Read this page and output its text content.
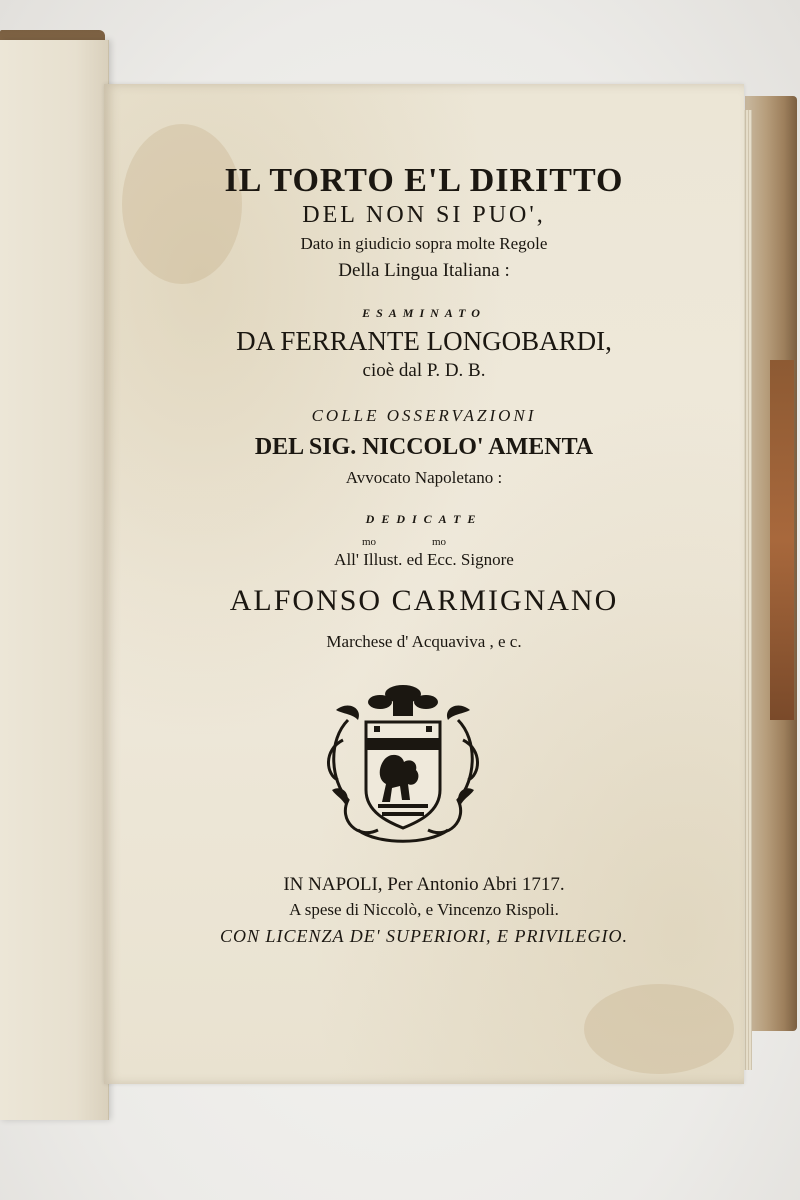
IL TORTO E'L DIRITTO
DEL NON SI PUO',
Dato in giudicio sopra molte Regole
Della Lingua Italiana :
ESAMINATO
DA FERRANTE LONGOBARDI,
cioè dal P. D. B.
COLLE OSSERVAZIONI
DEL SIG. NICCOLO' AMENTA
Avvocato Napoletano :
DEDICATE
mo	mo
All' Illust. ed Ecc. Signore
ALFONSO CARMIGNANO
Marchese d' Acquaviva , e c.
IN NAPOLI, Per Antonio Abri 1717.
A spese di Niccolò, e Vincenzo Rispoli.
CON LICENZA DE' SUPERIORI, E PRIVILEGIO.
